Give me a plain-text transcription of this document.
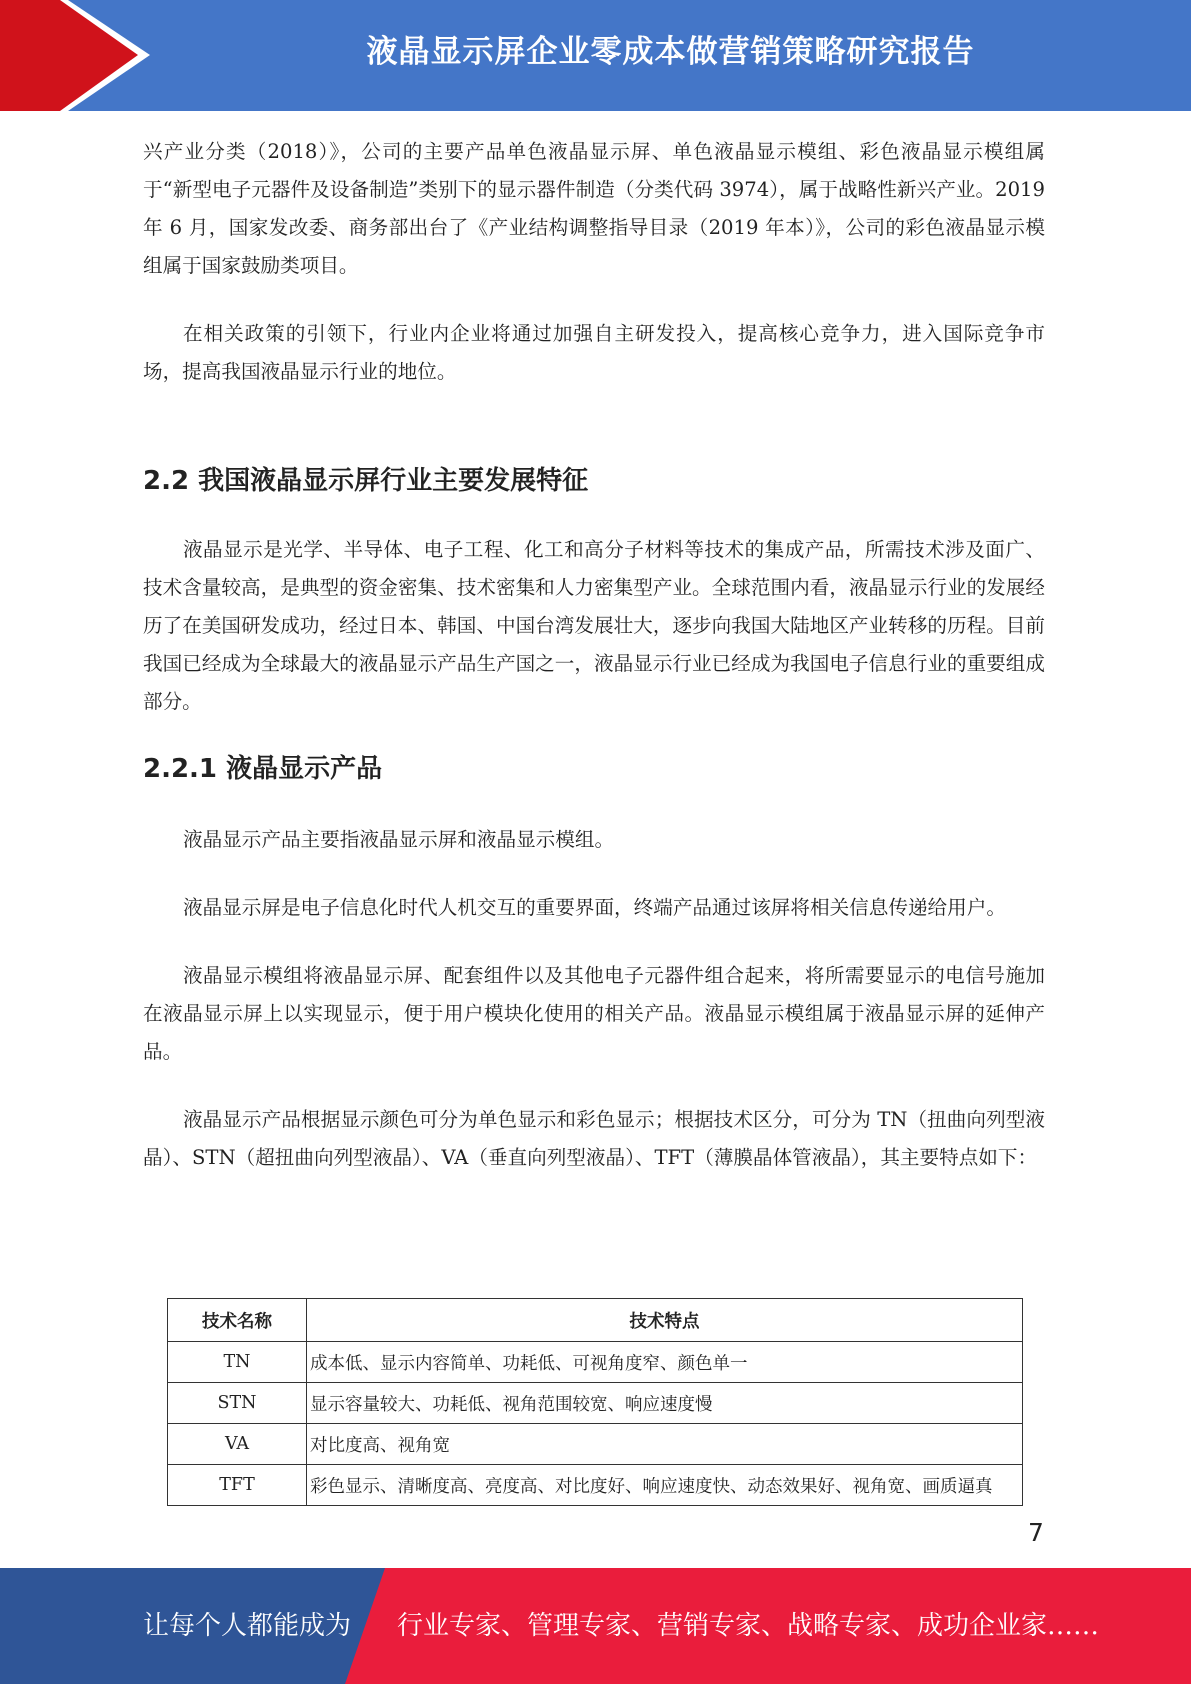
液晶显示屏企业零成本做营销策略研究报告

兴产业分类（2018）》，公司的主要产品单色液晶显示屏、单色液晶显示模组、彩色液晶显示模组属于“新型电子元器件及设备制造”类别下的显示器件制造（分类代码 3974），属于战略性新兴产业。2019 年 6 月，国家发改委、商务部出台了《产业结构调整指导目录（2019 年本）》，公司的彩色液晶显示模组属于国家鼓励类项目。

在相关政策的引领下，行业内企业将通过加强自主研发投入，提高核心竞争力，进入国际竞争市场，提高我国液晶显示行业的地位。

2.2 我国液晶显示屏行业主要发展特征

液晶显示是光学、半导体、电子工程、化工和高分子材料等技术的集成产品，所需技术涉及面广、技术含量较高，是典型的资金密集、技术密集和人力密集型产业。全球范围内看，液晶显示行业的发展经历了在美国研发成功，经过日本、韩国、中国台湾发展壮大，逐步向我国大陆地区产业转移的历程。目前我国已经成为全球最大的液晶显示产品生产国之一，液晶显示行业已经成为我国电子信息行业的重要组成部分。

2.2.1 液晶显示产品

液晶显示产品主要指液晶显示屏和液晶显示模组。

液晶显示屏是电子信息化时代人机交互的重要界面，终端产品通过该屏将相关信息传递给用户。

液晶显示模组将液晶显示屏、配套组件以及其他电子元器件组合起来，将所需要显示的电信号施加在液晶显示屏上以实现显示，便于用户模块化使用的相关产品。液晶显示模组属于液晶显示屏的延伸产品。

液晶显示产品根据显示颜色可分为单色显示和彩色显示；根据技术区分，可分为 TN（扭曲向列型液晶）、STN（超扭曲向列型液晶）、VA（垂直向列型液晶）、TFT（薄膜晶体管液晶），其主要特点如下：

技术名称	技术特点
TN	成本低、显示内容简单、功耗低、可视角度窄、颜色单一
STN	显示容量较大、功耗低、视角范围较宽、响应速度慢
VA	对比度高、视角宽
TFT	彩色显示、清晰度高、亮度高、对比度好、响应速度快、动态效果好、视角宽、画质逼真
7
让每个人都能成为 行业专家、管理专家、营销专家、战略专家、成功企业家……
